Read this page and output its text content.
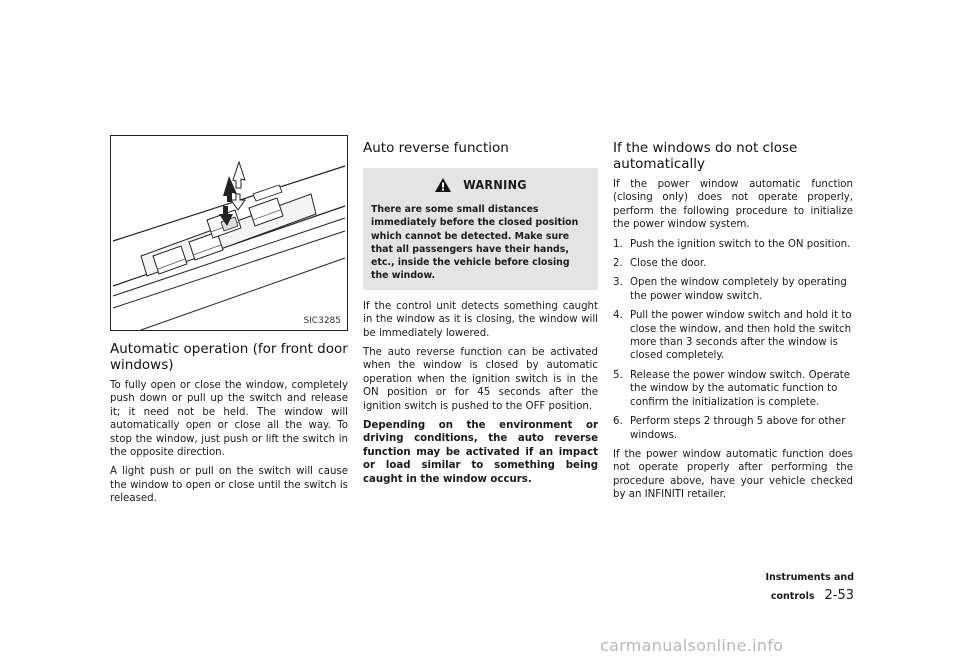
SIC3285
Automatic operation (for front door windows)

To fully open or close the window, completely push down or pull up the switch and release it; it need not be held. The window will automatically open or close all the way. To stop the window, just push or lift the switch in the opposite direction.

A light push or pull on the switch will cause the window to open or close until the switch is released.

Auto reverse function
WARNING
There are some small distances immediately before the closed position which cannot be detected. Make sure that all passengers have their hands, etc., inside the vehicle before closing the window.

If the control unit detects something caught in the window as it is closing, the window will be immediately lowered.

The auto reverse function can be activated when the window is closed by automatic operation when the ignition switch is in the ON position or for 45 seconds after the ignition switch is pushed to the OFF position.

Depending on the environment or driving conditions, the auto reverse function may be activated if an impact or load similar to something being caught in the window occurs.

If the windows do not close automatically

If the power window automatic function (closing only) does not operate properly, perform the following procedure to initialize the power window system.

1. Push the ignition switch to the ON position.
2. Close the door.
3. Open the window completely by operating the power window switch.
4. Pull the power window switch and hold it to close the window, and then hold the switch more than 3 seconds after the window is closed completely.
5. Release the power window switch. Operate the window by the automatic function to confirm the initialization is complete.
6. Perform steps 2 through 5 above for other windows.

If the power window automatic function does not operate properly after performing the procedure above, have your vehicle checked by an INFINITI retailer.

Instruments and controls 2-53
carmanualsonline.info
